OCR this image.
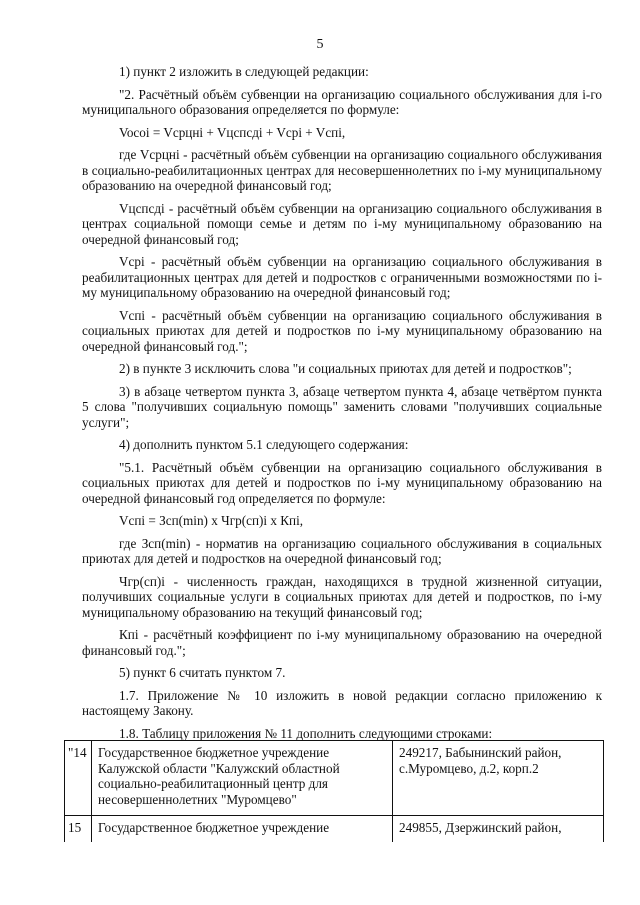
5

1) пункт 2 изложить в следующей редакции:

"2. Расчётный объём субвенции на организацию социального обслуживания для i-го муниципального образования определяется по формуле:

Vocoi = Vcрцнi + Vцспсдi + Vcpi + Vcпi,

где Vcрцнi - расчётный объём субвенции на организацию социального обслуживания в социально-реабилитационных центрах для несовершеннолетних по i-му муниципальному образованию на очередной финансовый год;

Vцспсдi - расчётный объём субвенции на организацию социального обслуживания в центрах социальной помощи семье и детям по i-му муниципальному образованию на очередной финансовый год;

Vcpi - расчётный объём субвенции на организацию социального обслуживания в реабилитационных центрах для детей и подростков с ограниченными возможностями по i-му муниципальному образованию на очередной финансовый год;

Vcпi - расчётный объём субвенции на организацию социального обслуживания в социальных приютах для детей и подростков по i-му муниципальному образованию на очередной финансовый год.";

2) в пункте 3 исключить слова "и социальных приютах для детей и подростков";

3) в абзаце четвертом пункта 3, абзаце четвертом пункта 4, абзаце четвёртом пункта 5 слова "получивших социальную помощь" заменить словами "получивших социальные услуги";

4) дополнить пунктом 5.1 следующего содержания:

"5.1. Расчётный объём субвенции на организацию социального обслуживания в социальных приютах для детей и подростков по i-му муниципальному образованию на очередной финансовый год определяется по формуле:

Vcпi = Зсп(min) x Чгр(сп)i x Кпi,

где Зсп(min) - норматив на организацию социального обслуживания в социальных приютах для детей и подростков на очередной финансовый год;

Чгр(сп)i - численность граждан, находящихся в трудной жизненной ситуации, получивших социальные услуги в социальных приютах для детей и подростков, по i-му муниципальному образованию на текущий финансовый год;

Кпi - расчётный коэффициент по i-му муниципальному образованию на очередной финансовый год.";

5) пункт 6 считать пунктом 7.

1.7. Приложение № 10 изложить в новой редакции согласно приложению к настоящему Закону.

1.8. Таблицу приложения № 11 дополнить следующими строками:

"14	Государственное бюджетное учреждение Калужской области "Калужский областной социально-реабилитационный центр для несовершеннолетних "Муромцево"	249217, Бабынинский район, с.Муромцево, д.2, корп.2
15	Государственное бюджетное учреждение	249855, Дзержинский район,
